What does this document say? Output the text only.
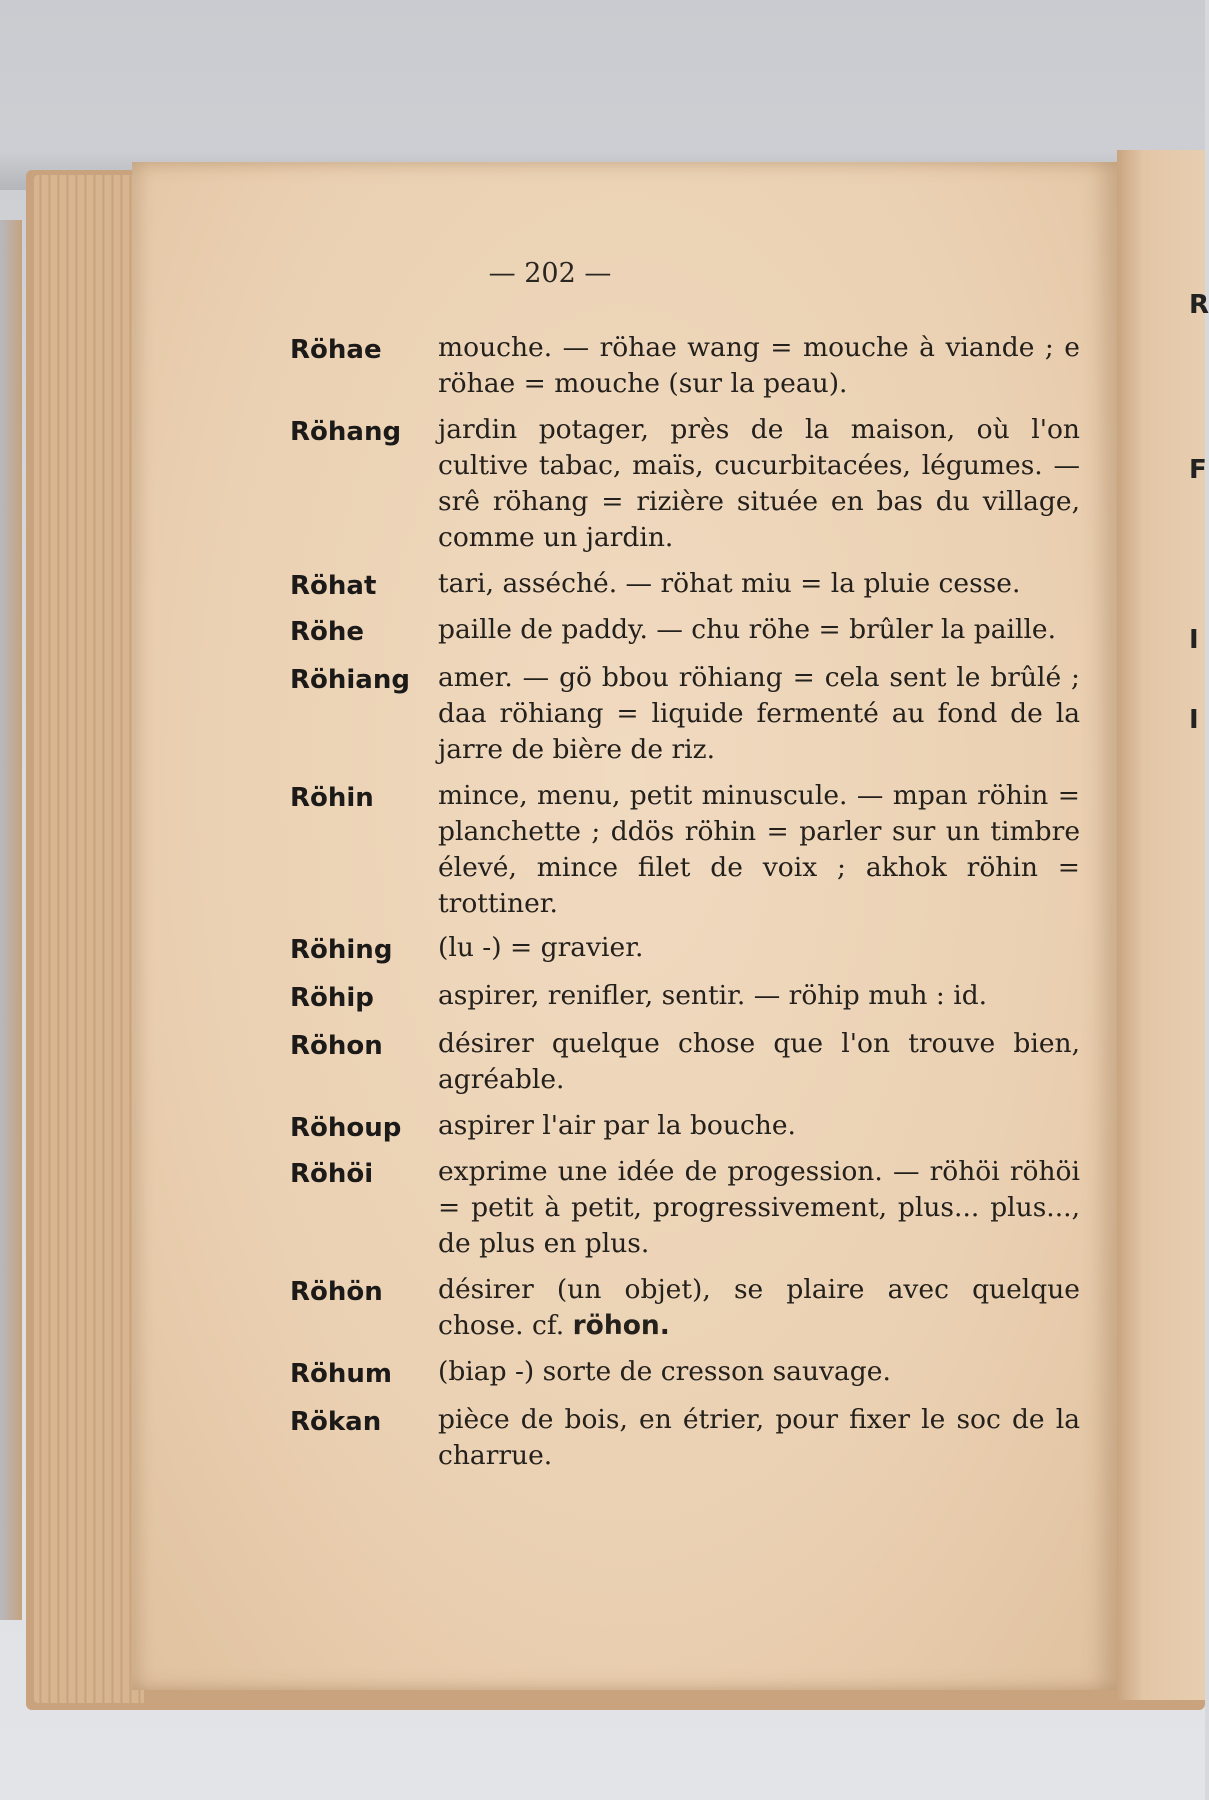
R
F
I
I
— 202 —
Röhae	mouche. — röhae wang = mouche à viande ; e röhae = mouche (sur la peau).
Röhang	jardin potager, près de la maison, où l'on cultive tabac, maïs, cucurbitacées, légumes. — srê röhang = rizière située en bas du village, comme un jardin.
Röhat	tari, asséché. — röhat miu = la pluie cesse.
Röhe	paille de paddy. — chu röhe = brûler la paille.
Röhiang	amer. — gö bbou röhiang = cela sent le brûlé ; daa röhiang = liquide fermenté au fond de la jarre de bière de riz.
Röhin	mince, menu, petit minuscule. — mpan röhin = planchette ; ddös röhin = parler sur un timbre élevé, mince filet de voix ; akhok röhin = trottiner.
Röhing	(lu -) = gravier.
Röhip	aspirer, renifler, sentir. — röhip muh : id.
Röhon	désirer quelque chose que l'on trouve bien, agréable.
Röhoup	aspirer l'air par la bouche.
Röhöi	exprime une idée de progession. — röhöi röhöi = petit à petit, progressivement, plus... plus..., de plus en plus.
Röhön	désirer (un objet), se plaire avec quelque chose. cf. röhon.
Röhum	(biap -) sorte de cresson sauvage.
Rökan	pièce de bois, en étrier, pour fixer le soc de la charrue.
